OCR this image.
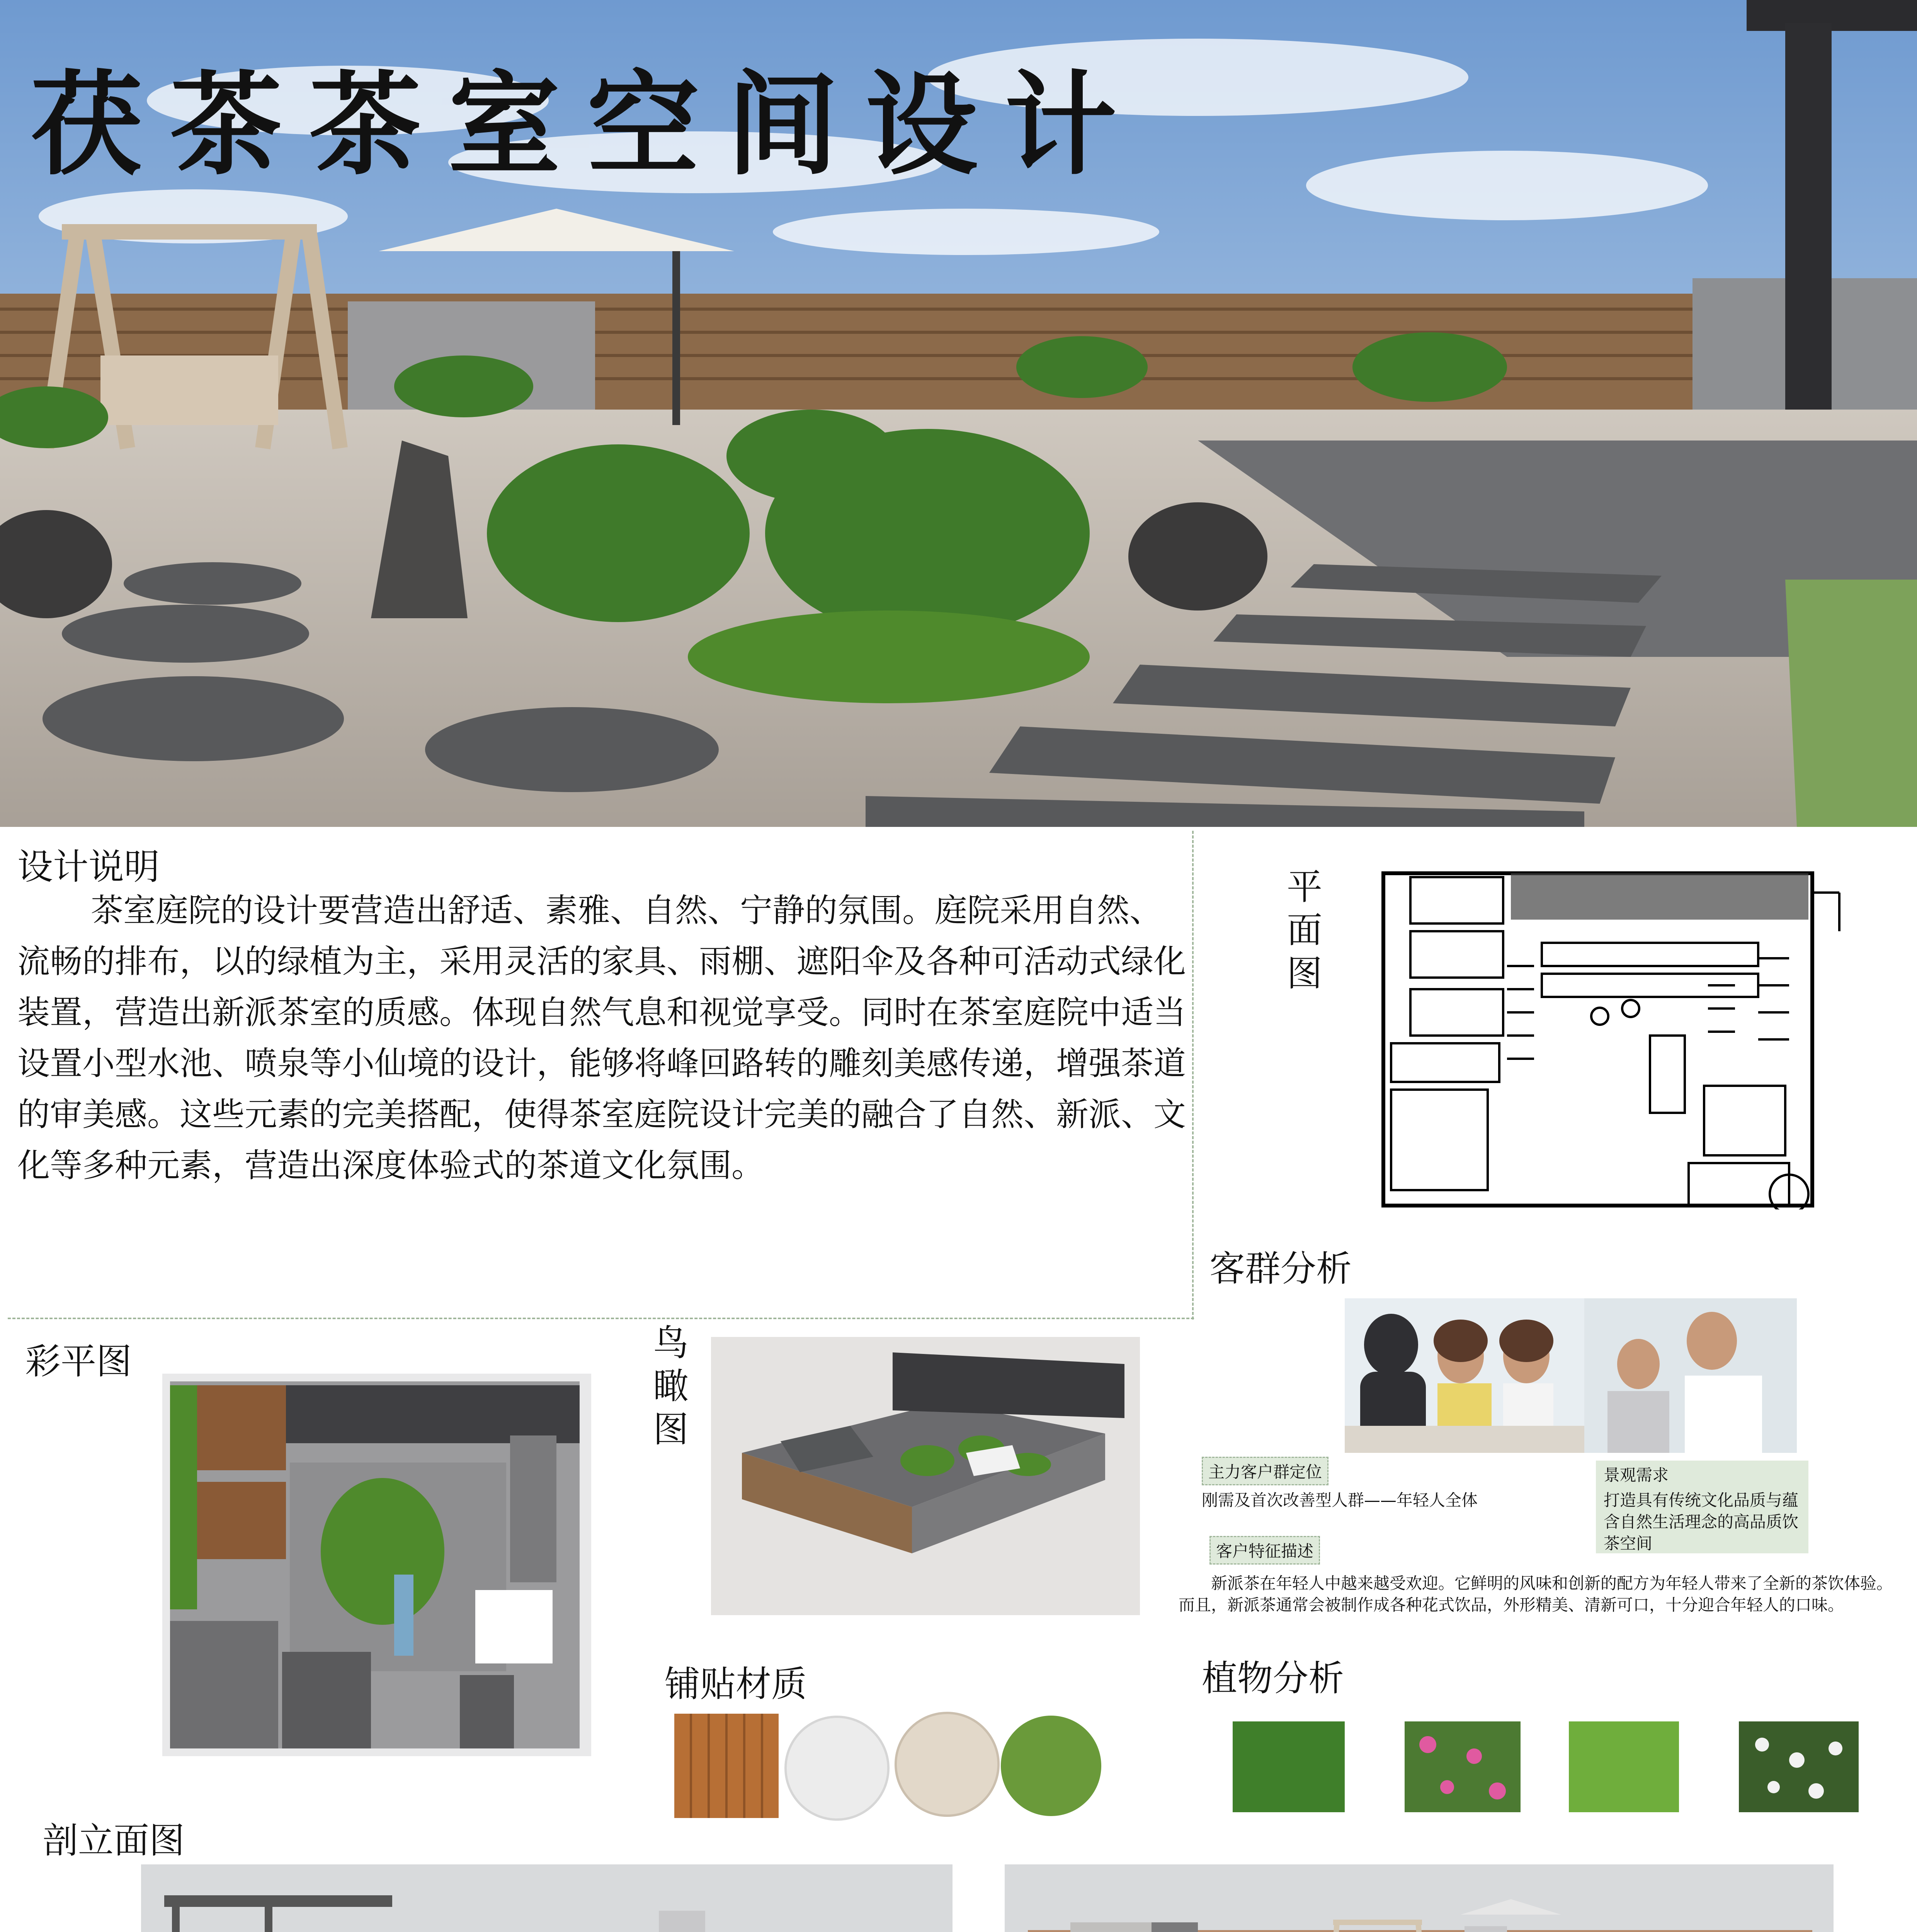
茯茶茶室空间设计
设计说明
茶室庭院的设计要营造出舒适、素雅、自然、宁静的氛围。庭院采用自然、流畅的排布，以的绿植为主，采用灵活的家具、雨棚、遮阳伞及各种可活动式绿化装置，营造出新派茶室的质感。体现自然气息和视觉享受。同时在茶室庭院中适当设置小型水池、喷泉等小仙境的设计，能够将峰回路转的雕刻美感传递，增强茶道的审美感。这些元素的完美搭配，使得茶室庭院设计完美的融合了自然、新派、文化等多种元素，营造出深度体验式的茶道文化氛围。
平面图
客群分析
主力客户群定位
刚需及首次改善型人群——年轻人全体
客户特征描述
新派茶在年轻人中越来越受欢迎。它鲜明的风味和创新的配方为年轻人带来了全新的茶饮体验。而且，新派茶通常会被制作成各种花式饮品，外形精美、清新可口，十分迎合年轻人的口味。
景观需求
打造具有传统文化品质与蕴含自然生活理念的高品质饮茶空间
彩平图	鸟瞰图
铺贴材质	植物分析
剖立面图
